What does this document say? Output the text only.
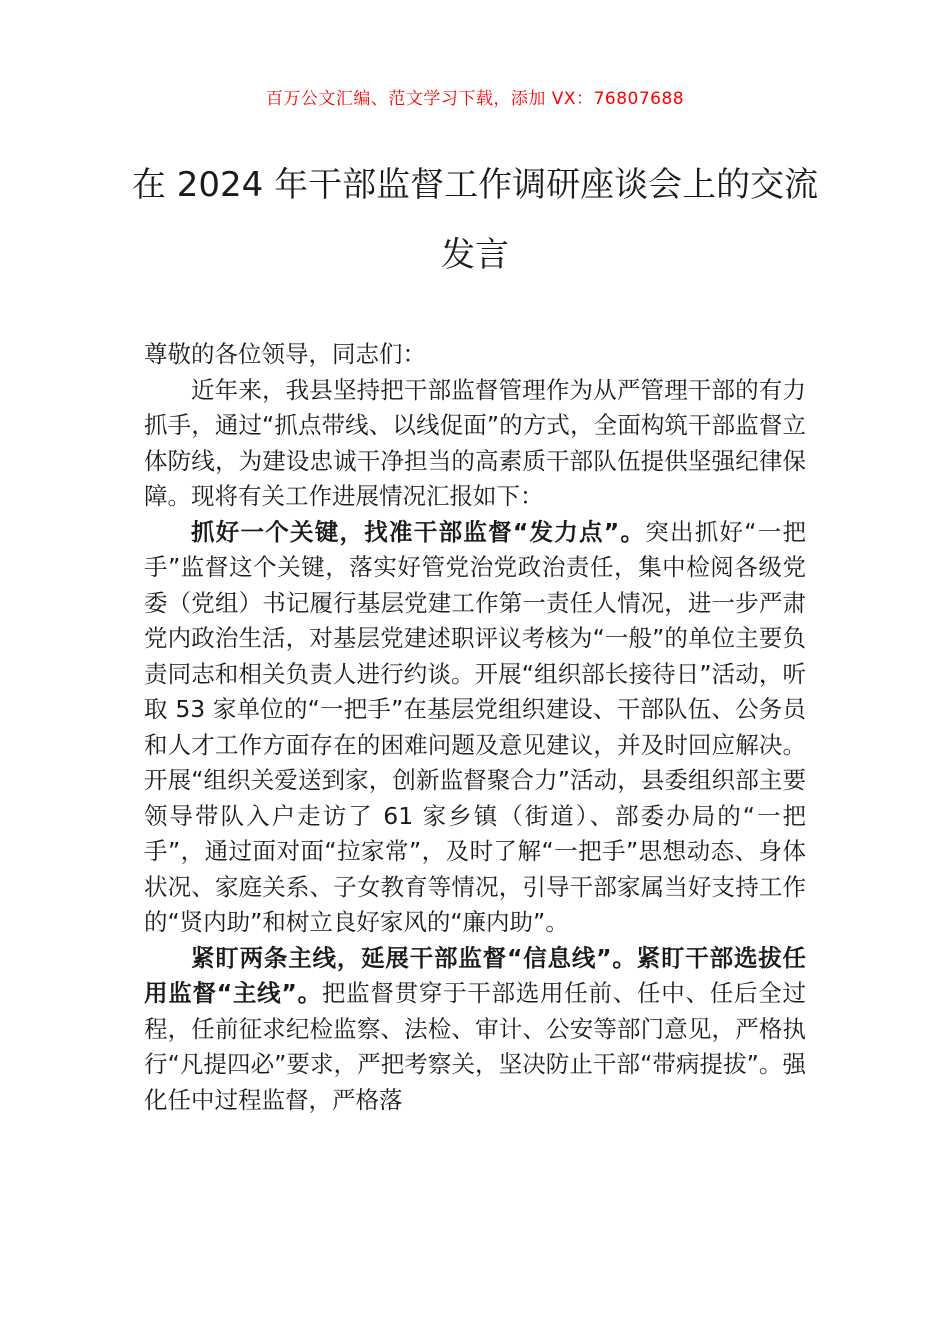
百万公文汇编、范文学习下载，添加 VX：76807688
在 2024 年干部监督工作调研座谈会上的交流发言

尊敬的各位领导，同志们：

近年来，我县坚持把干部监督管理作为从严管理干部的有力抓手，通过“抓点带线、以线促面”的方式，全面构筑干部监督立体防线，为建设忠诚干净担当的高素质干部队伍提供坚强纪律保障。现将有关工作进展情况汇报如下：

抓好一个关键，找准干部监督“发力点”。突出抓好“一把手”监督这个关键，落实好管党治党政治责任，集中检阅各级党委（党组）书记履行基层党建工作第一责任人情况，进一步严肃党内政治生活，对基层党建述职评议考核为“一般”的单位主要负责同志和相关负责人进行约谈。开展“组织部长接待日”活动，听取 53 家单位的“一把手”在基层党组织建设、干部队伍、公务员和人才工作方面存在的困难问题及意见建议，并及时回应解决。开展“组织关爱送到家，创新监督聚合力”活动，县委组织部主要领导带队入户走访了 61 家乡镇（街道）、部委办局的“一把手”，通过面对面“拉家常”，及时了解“一把手”思想动态、身体状况、家庭关系、子女教育等情况，引导干部家属当好支持工作的“贤内助”和树立良好家风的“廉内助”。

紧盯两条主线，延展干部监督“信息线”。紧盯干部选拔任用监督“主线”。把监督贯穿于干部选用任前、任中、任后全过程，任前征求纪检监察、法检、审计、公安等部门意见，严格执行“凡提四必”要求，严把考察关，坚决防止干部“带病提拔”。强化任中过程监督，严格落
